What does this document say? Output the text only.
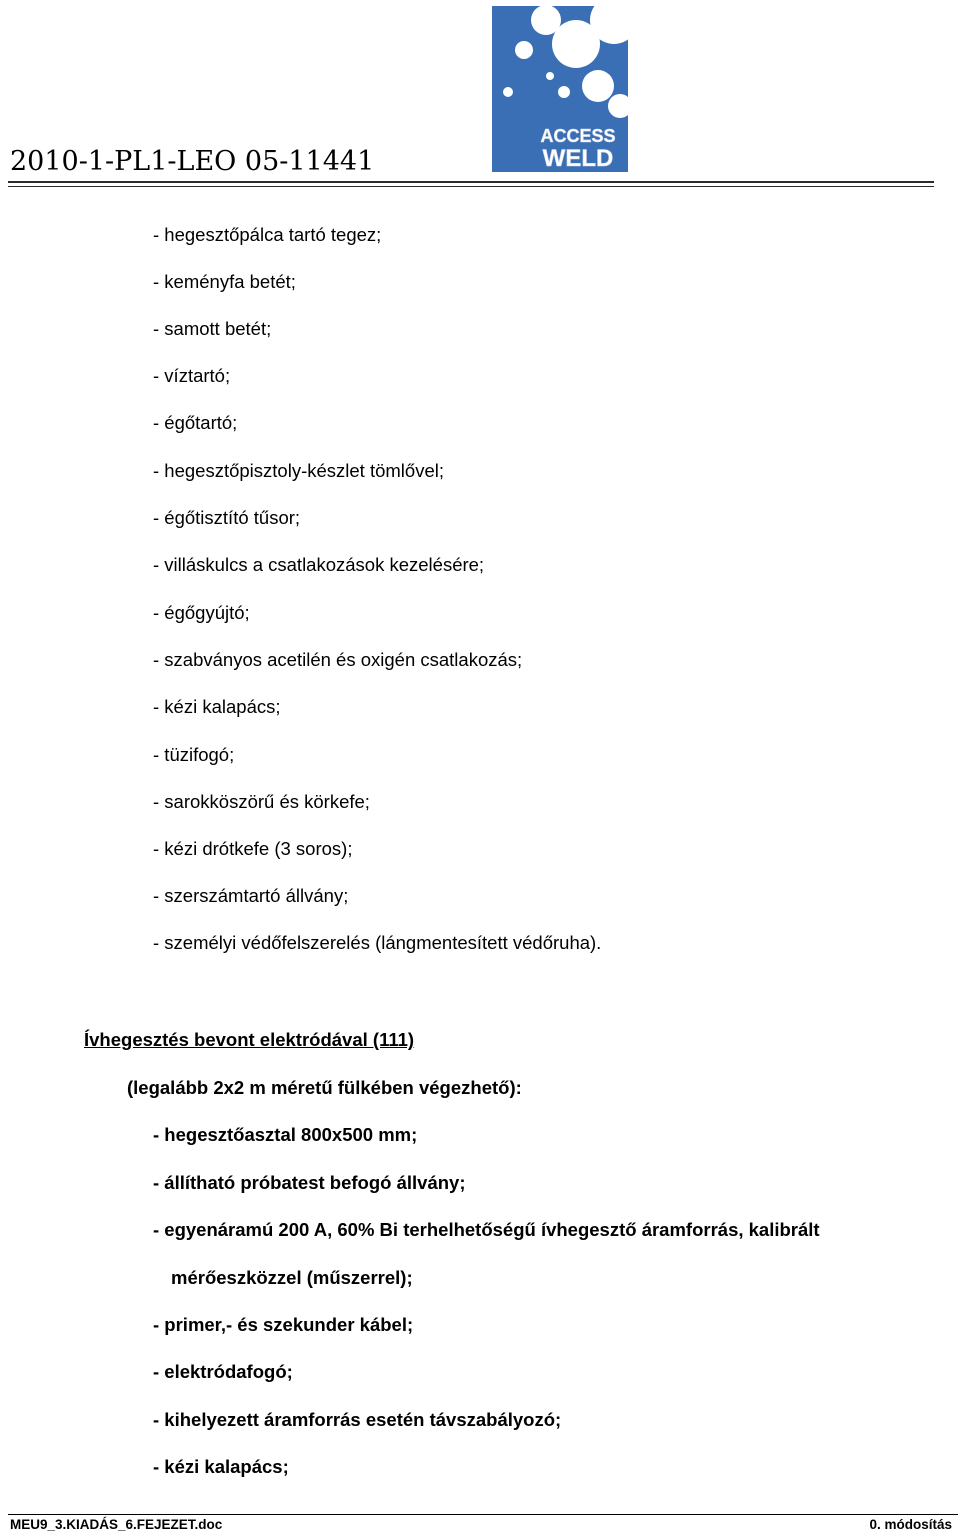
2010-1-PL1-LEO 05-11441
ACCESS
WELD
- hegesztőpálca tartó tegez;
- keményfa betét;
- samott betét;
- víztartó;
- égőtartó;
- hegesztőpisztoly-készlet tömlővel;
- égőtisztító tűsor;
- villáskulcs a csatlakozások kezelésére;
- égőgyújtó;
- szabványos acetilén és oxigén csatlakozás;
- kézi kalapács;
- tüzifogó;
- sarokköszörű és körkefe;
- kézi drótkefe (3 soros);
- szerszámtartó állvány;
- személyi védőfelszerelés (lángmentesített védőruha).
Ívhegesztés bevont elektródával (111)
(legalább 2x2 m méretű fülkében végezhető):
- hegesztőasztal 800x500 mm;
- állítható próbatest befogó állvány;
- egyenáramú 200 A, 60% Bi terhelhetőségű ívhegesztő áramforrás, kalibrált
mérőeszközzel (műszerrel);
- primer,- és szekunder kábel;
- elektródafogó;
- kihelyezett áramforrás esetén távszabályozó;
- kézi kalapács;
MEU9_3.KIADÁS_6.FEJEZET.doc	0. módosítás
